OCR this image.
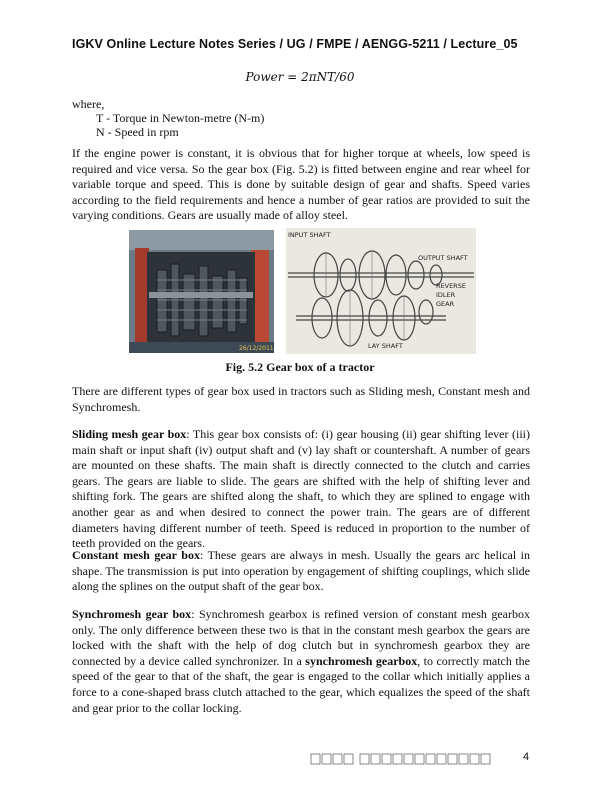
IGKV Online Lecture Notes Series / UG / FMPE / AENGG-5211 / Lecture_05
Power = 2πNT/60
where,
T - Torque in Newton-metre (N-m)
N - Speed in rpm
If the engine power is constant, it is obvious that for higher torque at wheels, low speed is required and vice versa. So the gear box (Fig. 5.2) is fitted between engine and rear wheel for variable torque and speed. This is done by suitable design of gear and shafts. Speed varies according to the field requirements and hence a number of gear ratios are provided to suit the varying conditions. Gears are usually made of alloy steel.
26/12/2011
INPUT SHAFT
OUTPUT SHAFT
REVERSE
IDLER
GEAR
LAY SHAFT
Fig. 5.2 Gear box of a tractor
There are different types of gear box used in tractors such as Sliding mesh, Constant mesh and Synchromesh.
Sliding mesh gear box: This gear box consists of: (i) gear housing (ii) gear shifting lever (iii) main shaft or input shaft (iv) output shaft and (v) lay shaft or countershaft. A number of gears are mounted on these shafts. The main shaft is directly connected to the clutch and carries gears. The gears are liable to slide. The gears are shifted with the help of shifting lever and shifting fork. The gears are shifted along the shaft, to which they are splined to engage with another gear as and when desired to connect the power train. The gears are of different diameters having different number of teeth. Speed is reduced in proportion to the number of teeth provided on the gears.
Constant mesh gear box: These gears are always in mesh. Usually the gears arc helical in shape. The transmission is put into operation by engagement of shifting couplings, which slide along the splines on the output shaft of the gear box.
Synchromesh gear box: Synchromesh gearbox is refined version of constant mesh gearbox only. The only difference between these two is that in the constant mesh gearbox the gears are locked with the shaft with the help of dog clutch but in synchromesh gearbox they are connected by a device called synchronizer. In a synchromesh gearbox, to correctly match the speed of the gear to that of the shaft, the gear is engaged to the collar which initially applies a force to a cone-shaped brass clutch attached to the gear, which equalizes the speed of the shaft and gear prior to the collar locking.
4
